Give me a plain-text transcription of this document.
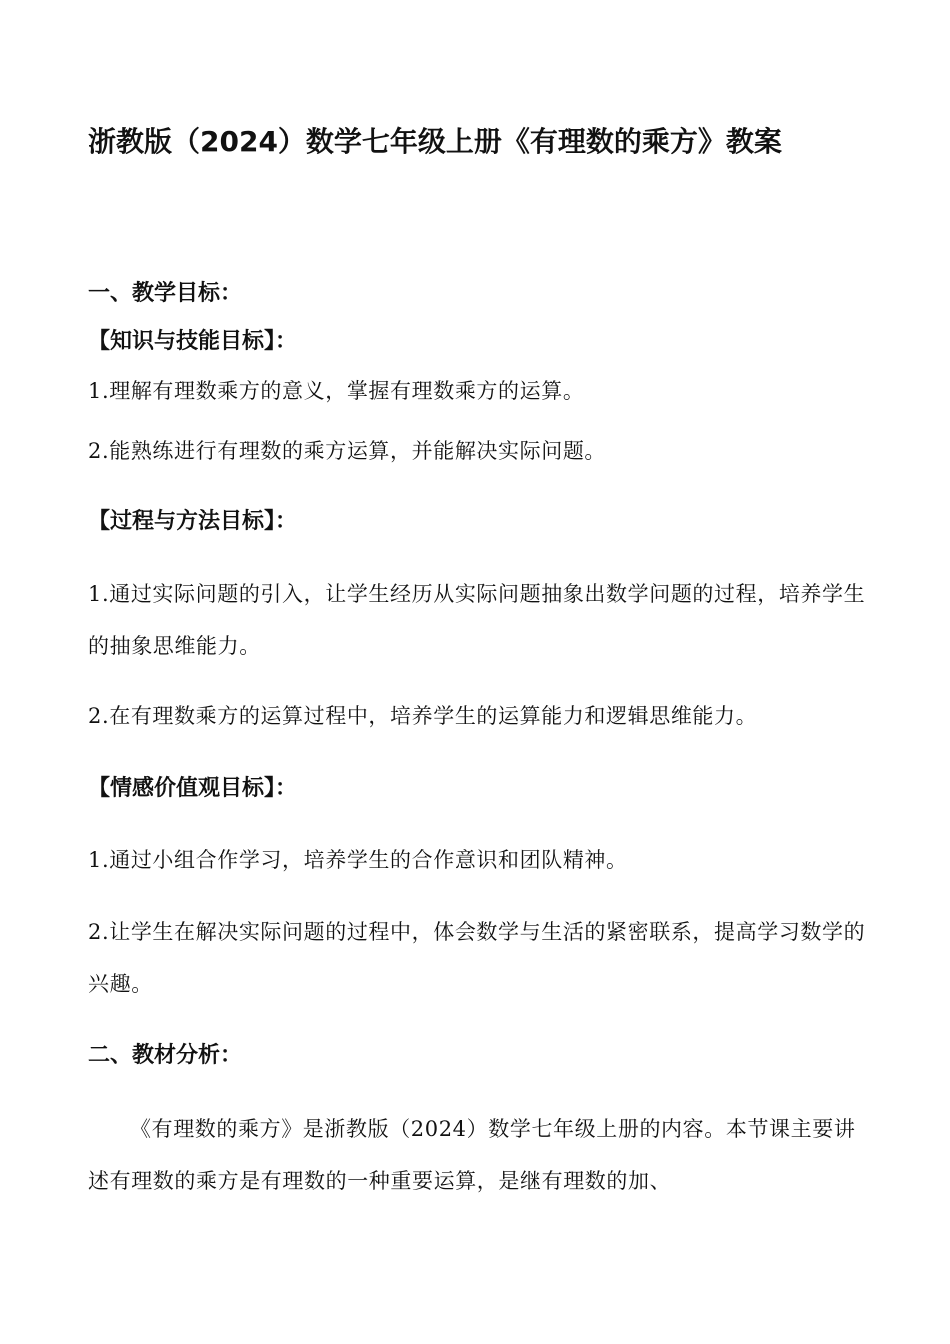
浙教版（2024）数学七年级上册《有理数的乘方》教案
一、教学目标：
【知识与技能目标】：
1.理解有理数乘方的意义，掌握有理数乘方的运算。
2.能熟练进行有理数的乘方运算，并能解决实际问题。
【过程与方法目标】：
1.通过实际问题的引入，让学生经历从实际问题抽象出数学问题的过程，培养学生的抽象思维能力。
2.在有理数乘方的运算过程中，培养学生的运算能力和逻辑思维能力。
【情感价值观目标】：
1.通过小组合作学习，培养学生的合作意识和团队精神。
2.让学生在解决实际问题的过程中，体会数学与生活的紧密联系，提高学习数学的兴趣。
二、教材分析：
《有理数的乘方》是浙教版（2024）数学七年级上册的内容。本节课主要讲述有理数的乘方是有理数的一种重要运算，是继有理数的加、
